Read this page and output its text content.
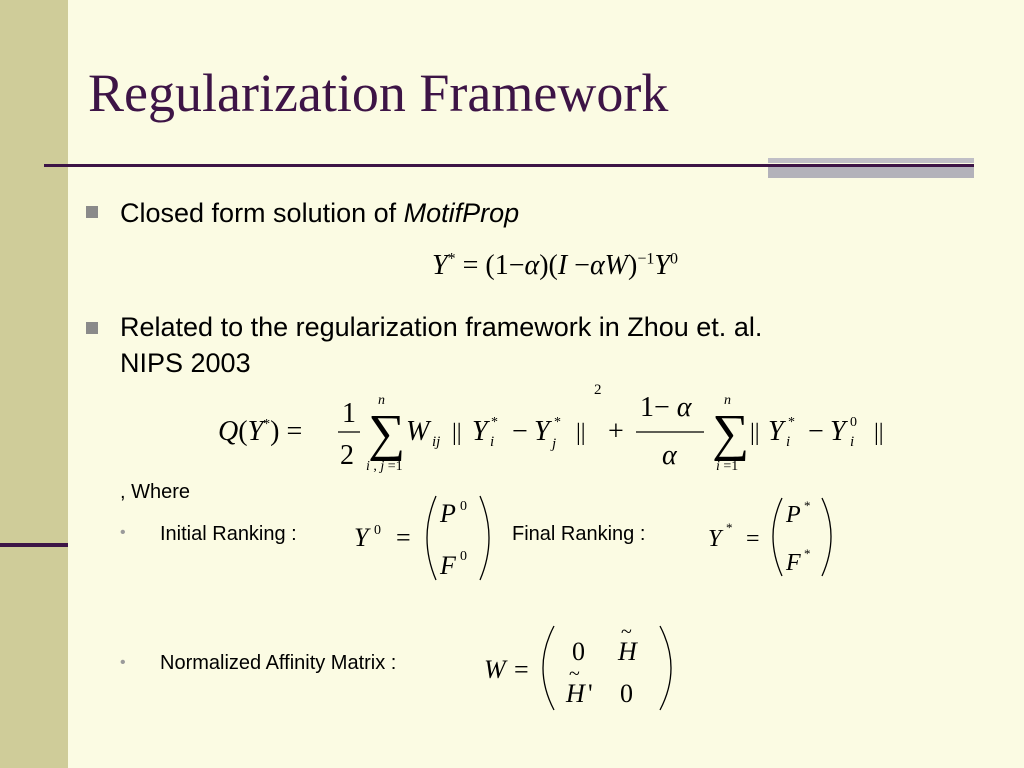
Regularization Framework

Closed form solution of MotifProp

$Y^* = (1-\alpha)(I -\alpha W)^{-1}Y^0$

Related to the regularization framework in Zhou et. al.

NIPS 2003

Q(Y*) =
1
2 ∑
n
i , j =1
W ij || Y *
i − Y *
j ||
2
+
1− α
α ∑
n
i =1
|| Y *
i − Y 0
i ||

, Where

• Initial Ranking : Y 0 =
P 0
F 0

Final Ranking :	Y * =
P *
F *
• Normalized Affinity Matrix :	W =
0 H
~
H
~
' 0
